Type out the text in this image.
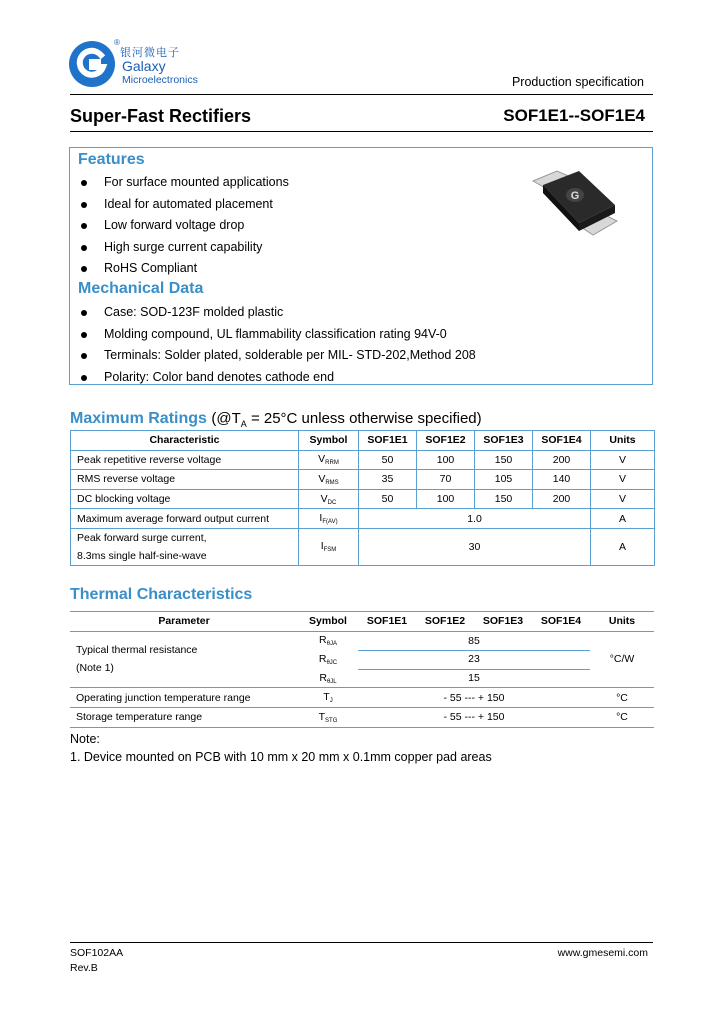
®
银河微电子
Galaxy
Microelectronics	Production specification
Super-Fast Rectifiers	SOF1E1--SOF1E4
Features
For surface mounted applications
Ideal for automated placement
Low forward voltage drop
High surge current capability
RoHS Compliant
Mechanical Data
Case: SOD-123F molded plastic
Molding compound, UL flammability classification rating 94V-0
Terminals: Solder plated, solderable per MIL- STD-202,Method 208
Polarity: Color band denotes cathode end
G
Maximum Ratings ($@T_A = 25^\circ C$ unless otherwise specified)
Characteristic	Symbol	SOF1E1	SOF1E2	SOF1E3	SOF1E4	Units
Peak repetitive reverse voltage	$V_{RRM}$	50	100	150	200	V
RMS reverse voltage	$V_{RMS}$	35	70	105	140	V
DC blocking voltage	$V_{DC}$	50	100	150	200	V
Maximum average forward output current	$I_{F(AV)}$	1.0				A
Peak forward surge current,
8.3ms single half-sine-wave	$I_{FSM}$	30				A
Thermal Characteristics
Parameter	Symbol	SOF1E1	SOF1E2	SOF1E3	SOF1E4	Units
Typical thermal resistance
(Note 1)	$R_{\theta JA}$	85				°C/W
	$R_{\theta JC}$	23				
	$R_{\theta JL}$	15				
Operating junction temperature range	$T_J$	- 55 --- + 150				°C
Storage temperature range	$T_{STG}$	- 55 --- + 150				°C
Note:
1. Device mounted on PCB with 10 mm x 20 mm x 0.1mm copper pad areas
SOF102AA
Rev.B
www.gmesemi.com
